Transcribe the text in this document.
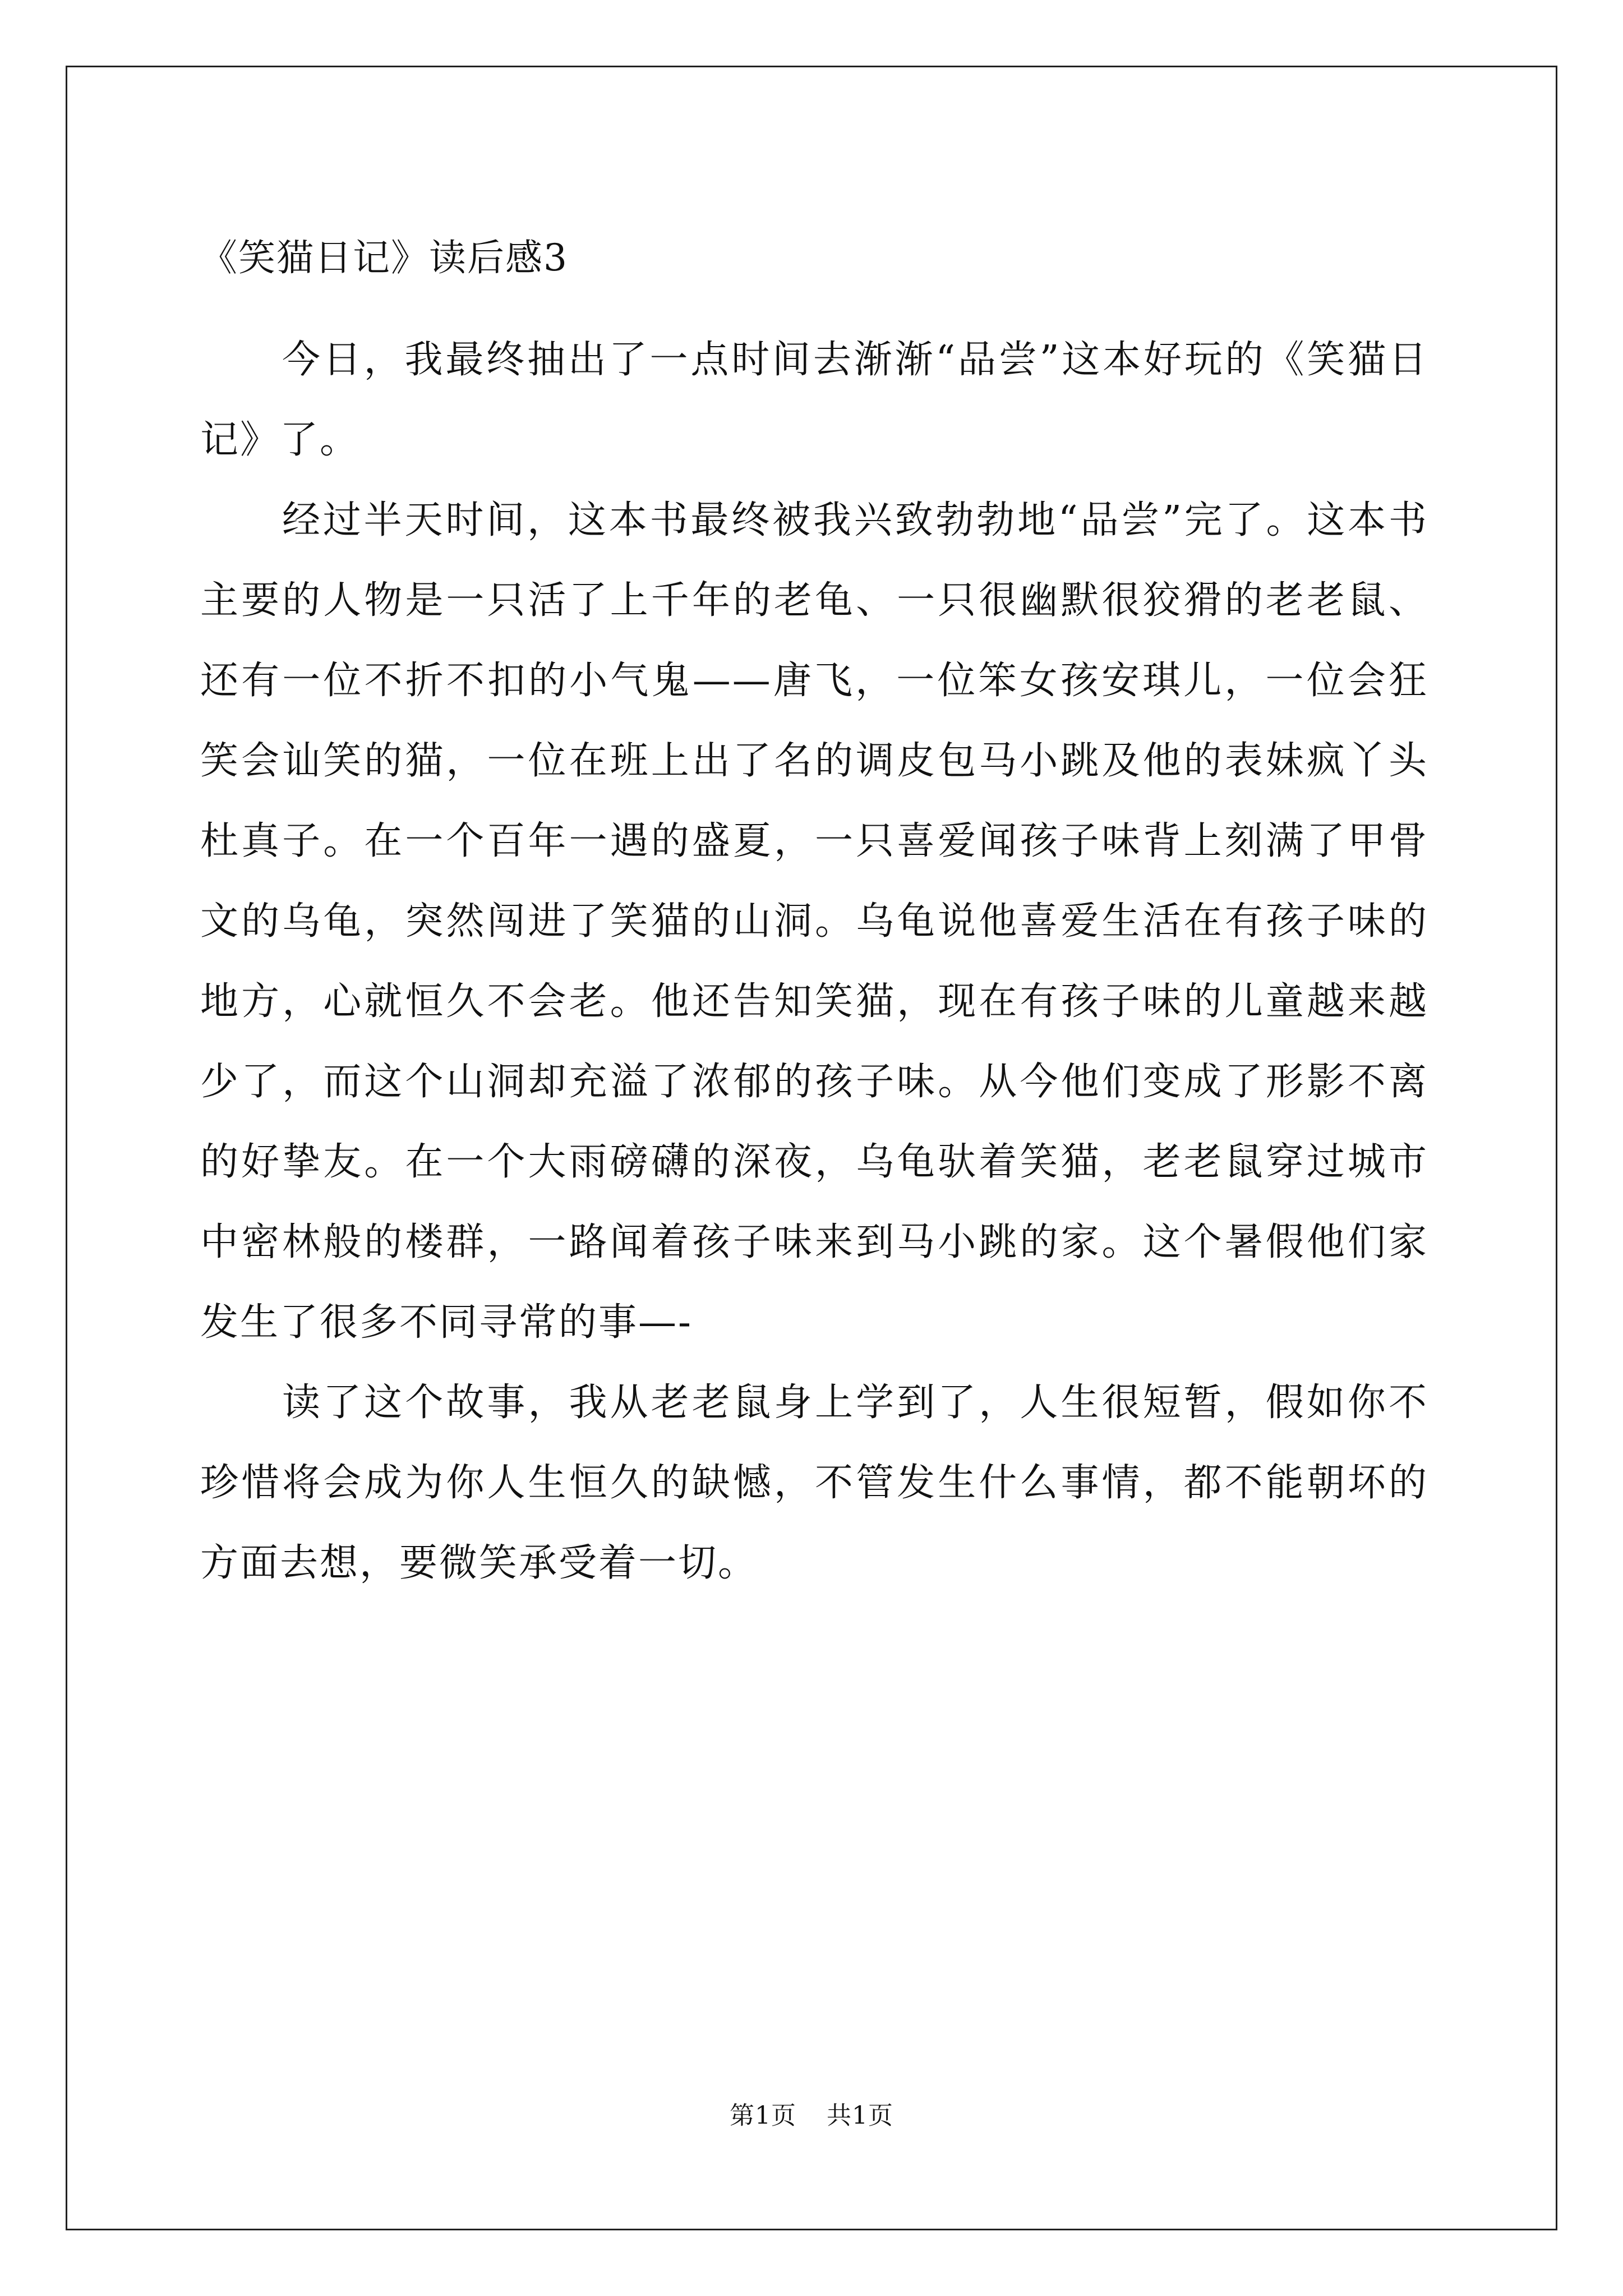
《笑猫日记》读后感3

今日，我最终抽出了一点时间去渐渐“品尝”这本好玩的《笑猫日记》了。

经过半天时间，这本书最终被我兴致勃勃地“品尝”完了。这本书主要的人物是一只活了上千年的老龟、一只很幽默很狡猾的老老鼠、还有一位不折不扣的小气鬼——唐飞，一位笨女孩安琪儿，一位会狂笑会讪笑的猫，一位在班上出了名的调皮包马小跳及他的表妹疯丫头杜真子。在一个百年一遇的盛夏，一只喜爱闻孩子味背上刻满了甲骨文的乌龟，突然闯进了笑猫的山洞。乌龟说他喜爱生活在有孩子味的地方，心就恒久不会老。他还告知笑猫，现在有孩子味的儿童越来越少了，而这个山洞却充溢了浓郁的孩子味。从今他们变成了形影不离的好挚友。在一个大雨磅礴的深夜，乌龟驮着笑猫，老老鼠穿过城市中密林般的楼群，一路闻着孩子味来到马小跳的家。这个暑假他们家发生了很多不同寻常的事—-

读了这个故事，我从老老鼠身上学到了，人生很短暂，假如你不珍惜将会成为你人生恒久的缺憾，不管发生什么事情，都不能朝坏的方面去想，要微笑承受着一切。

第1页 共1页
